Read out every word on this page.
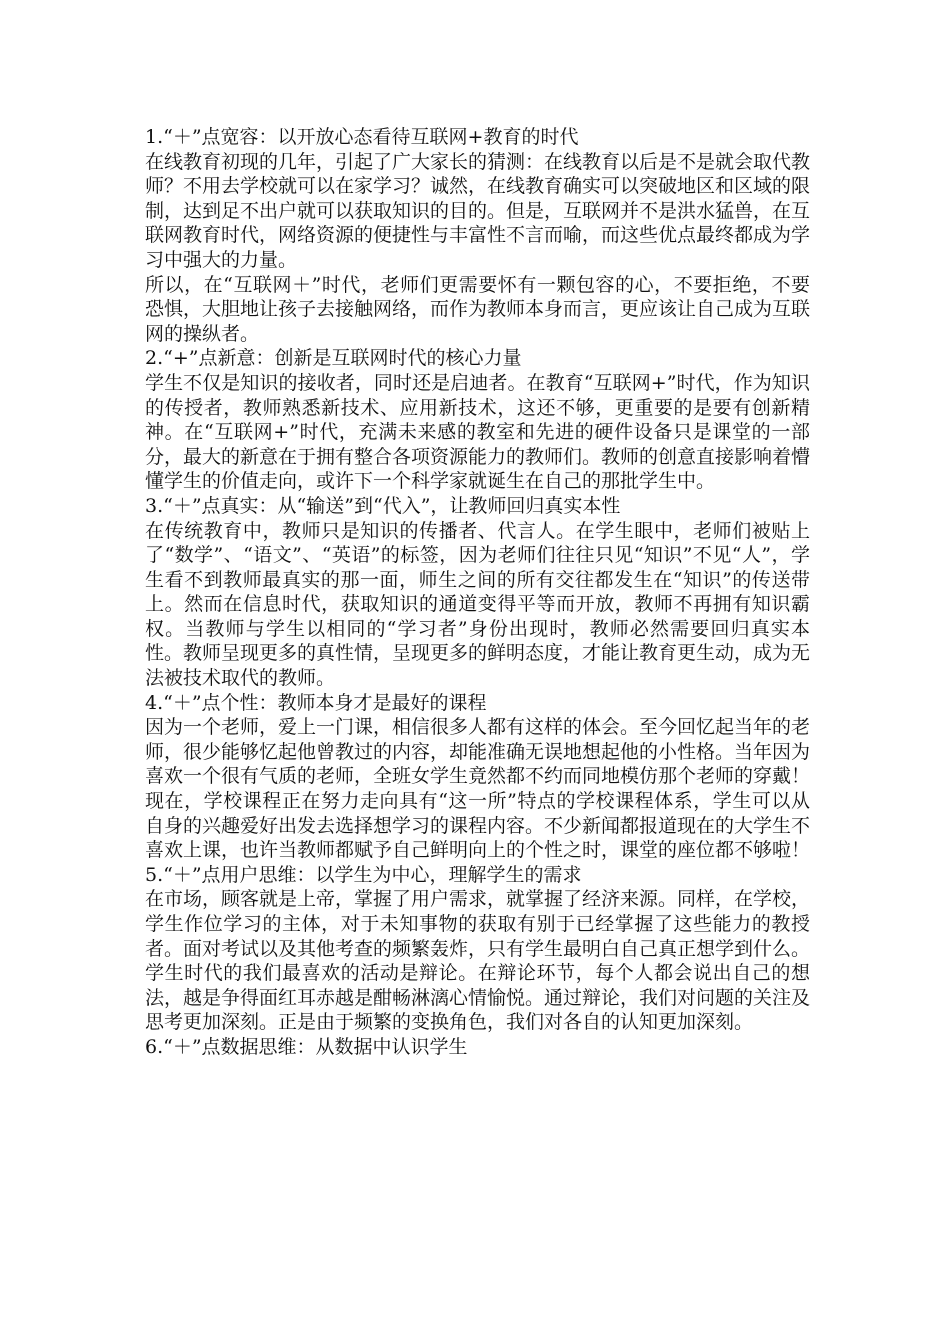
1.“＋”点宽容：以开放心态看待互联网+教育的时代

在线教育初现的几年，引起了广大家长的猜测：在线教育以后是不是就会取代教师？不用去学校就可以在家学习？诚然，在线教育确实可以突破地区和区域的限制，达到足不出户就可以获取知识的目的。但是，互联网并不是洪水猛兽，在互联网教育时代，网络资源的便捷性与丰富性不言而喻，而这些优点最终都成为学习中强大的力量。

所以，在“互联网＋”时代，老师们更需要怀有一颗包容的心，不要拒绝，不要恐惧，大胆地让孩子去接触网络，而作为教师本身而言，更应该让自己成为互联网的操纵者。

2.“+”点新意：创新是互联网时代的核心力量

学生不仅是知识的接收者，同时还是启迪者。在教育“互联网+”时代，作为知识的传授者，教师熟悉新技术、应用新技术，这还不够，更重要的是要有创新精神。在“互联网+”时代，充满未来感的教室和先进的硬件设备只是课堂的一部分，最大的新意在于拥有整合各项资源能力的教师们。教师的创意直接影响着懵懂学生的价值走向，或许下一个科学家就诞生在自己的那批学生中。

3.“＋”点真实：从“输送”到“代入”，让教师回归真实本性

在传统教育中，教师只是知识的传播者、代言人。在学生眼中，老师们被贴上了“数学”、“语文”、“英语”的标签，因为老师们往往只见“知识”不见“人”，学生看不到教师最真实的那一面，师生之间的所有交往都发生在“知识”的传送带上。然而在信息时代，获取知识的通道变得平等而开放，教师不再拥有知识霸权。当教师与学生以相同的“学习者”身份出现时，教师必然需要回归真实本性。教师呈现更多的真性情，呈现更多的鲜明态度，才能让教育更生动，成为无法被技术取代的教师。

4.“＋”点个性：教师本身才是最好的课程

因为一个老师，爱上一门课，相信很多人都有这样的体会。至今回忆起当年的老师，很少能够忆起他曾教过的内容，却能准确无误地想起他的小性格。当年因为喜欢一个很有气质的老师，全班女学生竟然都不约而同地模仿那个老师的穿戴！

现在，学校课程正在努力走向具有“这一所”特点的学校课程体系，学生可以从自身的兴趣爱好出发去选择想学习的课程内容。不少新闻都报道现在的大学生不喜欢上课，也许当教师都赋予自己鲜明向上的个性之时，课堂的座位都不够啦！

5.“＋”点用户思维：以学生为中心，理解学生的需求

在市场，顾客就是上帝，掌握了用户需求，就掌握了经济来源。同样，在学校，学生作位学习的主体，对于未知事物的获取有别于已经掌握了这些能力的教授者。面对考试以及其他考查的频繁轰炸，只有学生最明白自己真正想学到什么。

学生时代的我们最喜欢的活动是辩论。在辩论环节，每个人都会说出自己的想法，越是争得面红耳赤越是酣畅淋漓心情愉悦。通过辩论，我们对问题的关注及思考更加深刻。正是由于频繁的变换角色，我们对各自的认知更加深刻。

6.“＋”点数据思维：从数据中认识学生
